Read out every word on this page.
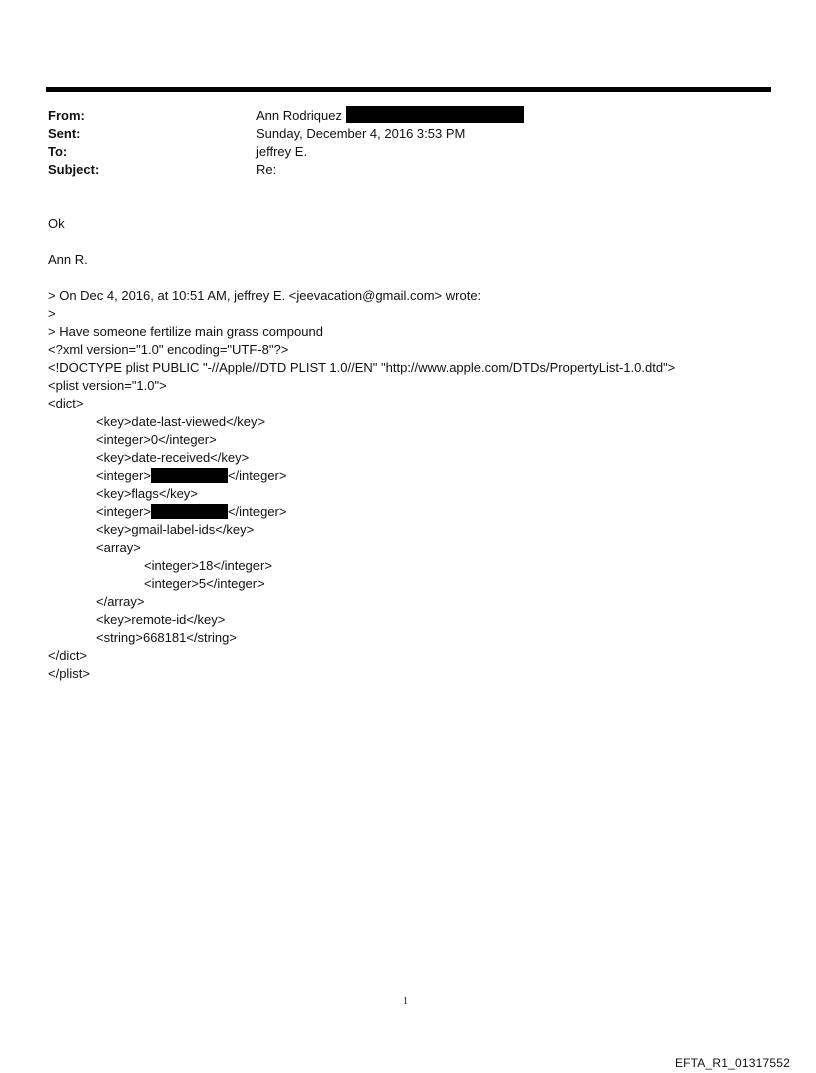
From:	Ann Rodriquez
Sent:	Sunday, December 4, 2016 3:53 PM
To:	jeffrey E.
Subject:	Re:
Ok
Ann R.
> On Dec 4, 2016, at 10:51 AM, jeffrey E. <jeevacation@gmail.com> wrote:
>
> Have someone fertilize main grass compound
<?xml version="1.0" encoding="UTF-8"?>
<!DOCTYPE plist PUBLIC "-//Apple//DTD PLIST 1.0//EN" "http://www.apple.com/DTDs/PropertyList-1.0.dtd">
<plist version="1.0">
<dict>
<key>date-last-viewed</key>
<integer>0</integer>
<key>date-received</key>
<integer>	</integer>
<key>flags</key>
<integer>	</integer>
<key>gmail-label-ids</key>
<array>
<integer>18</integer>
<integer>5</integer>
</array>
<key>remote-id</key>
<string>668181</string>
</dict>
</plist>
1
EFTA_R1_01317552
